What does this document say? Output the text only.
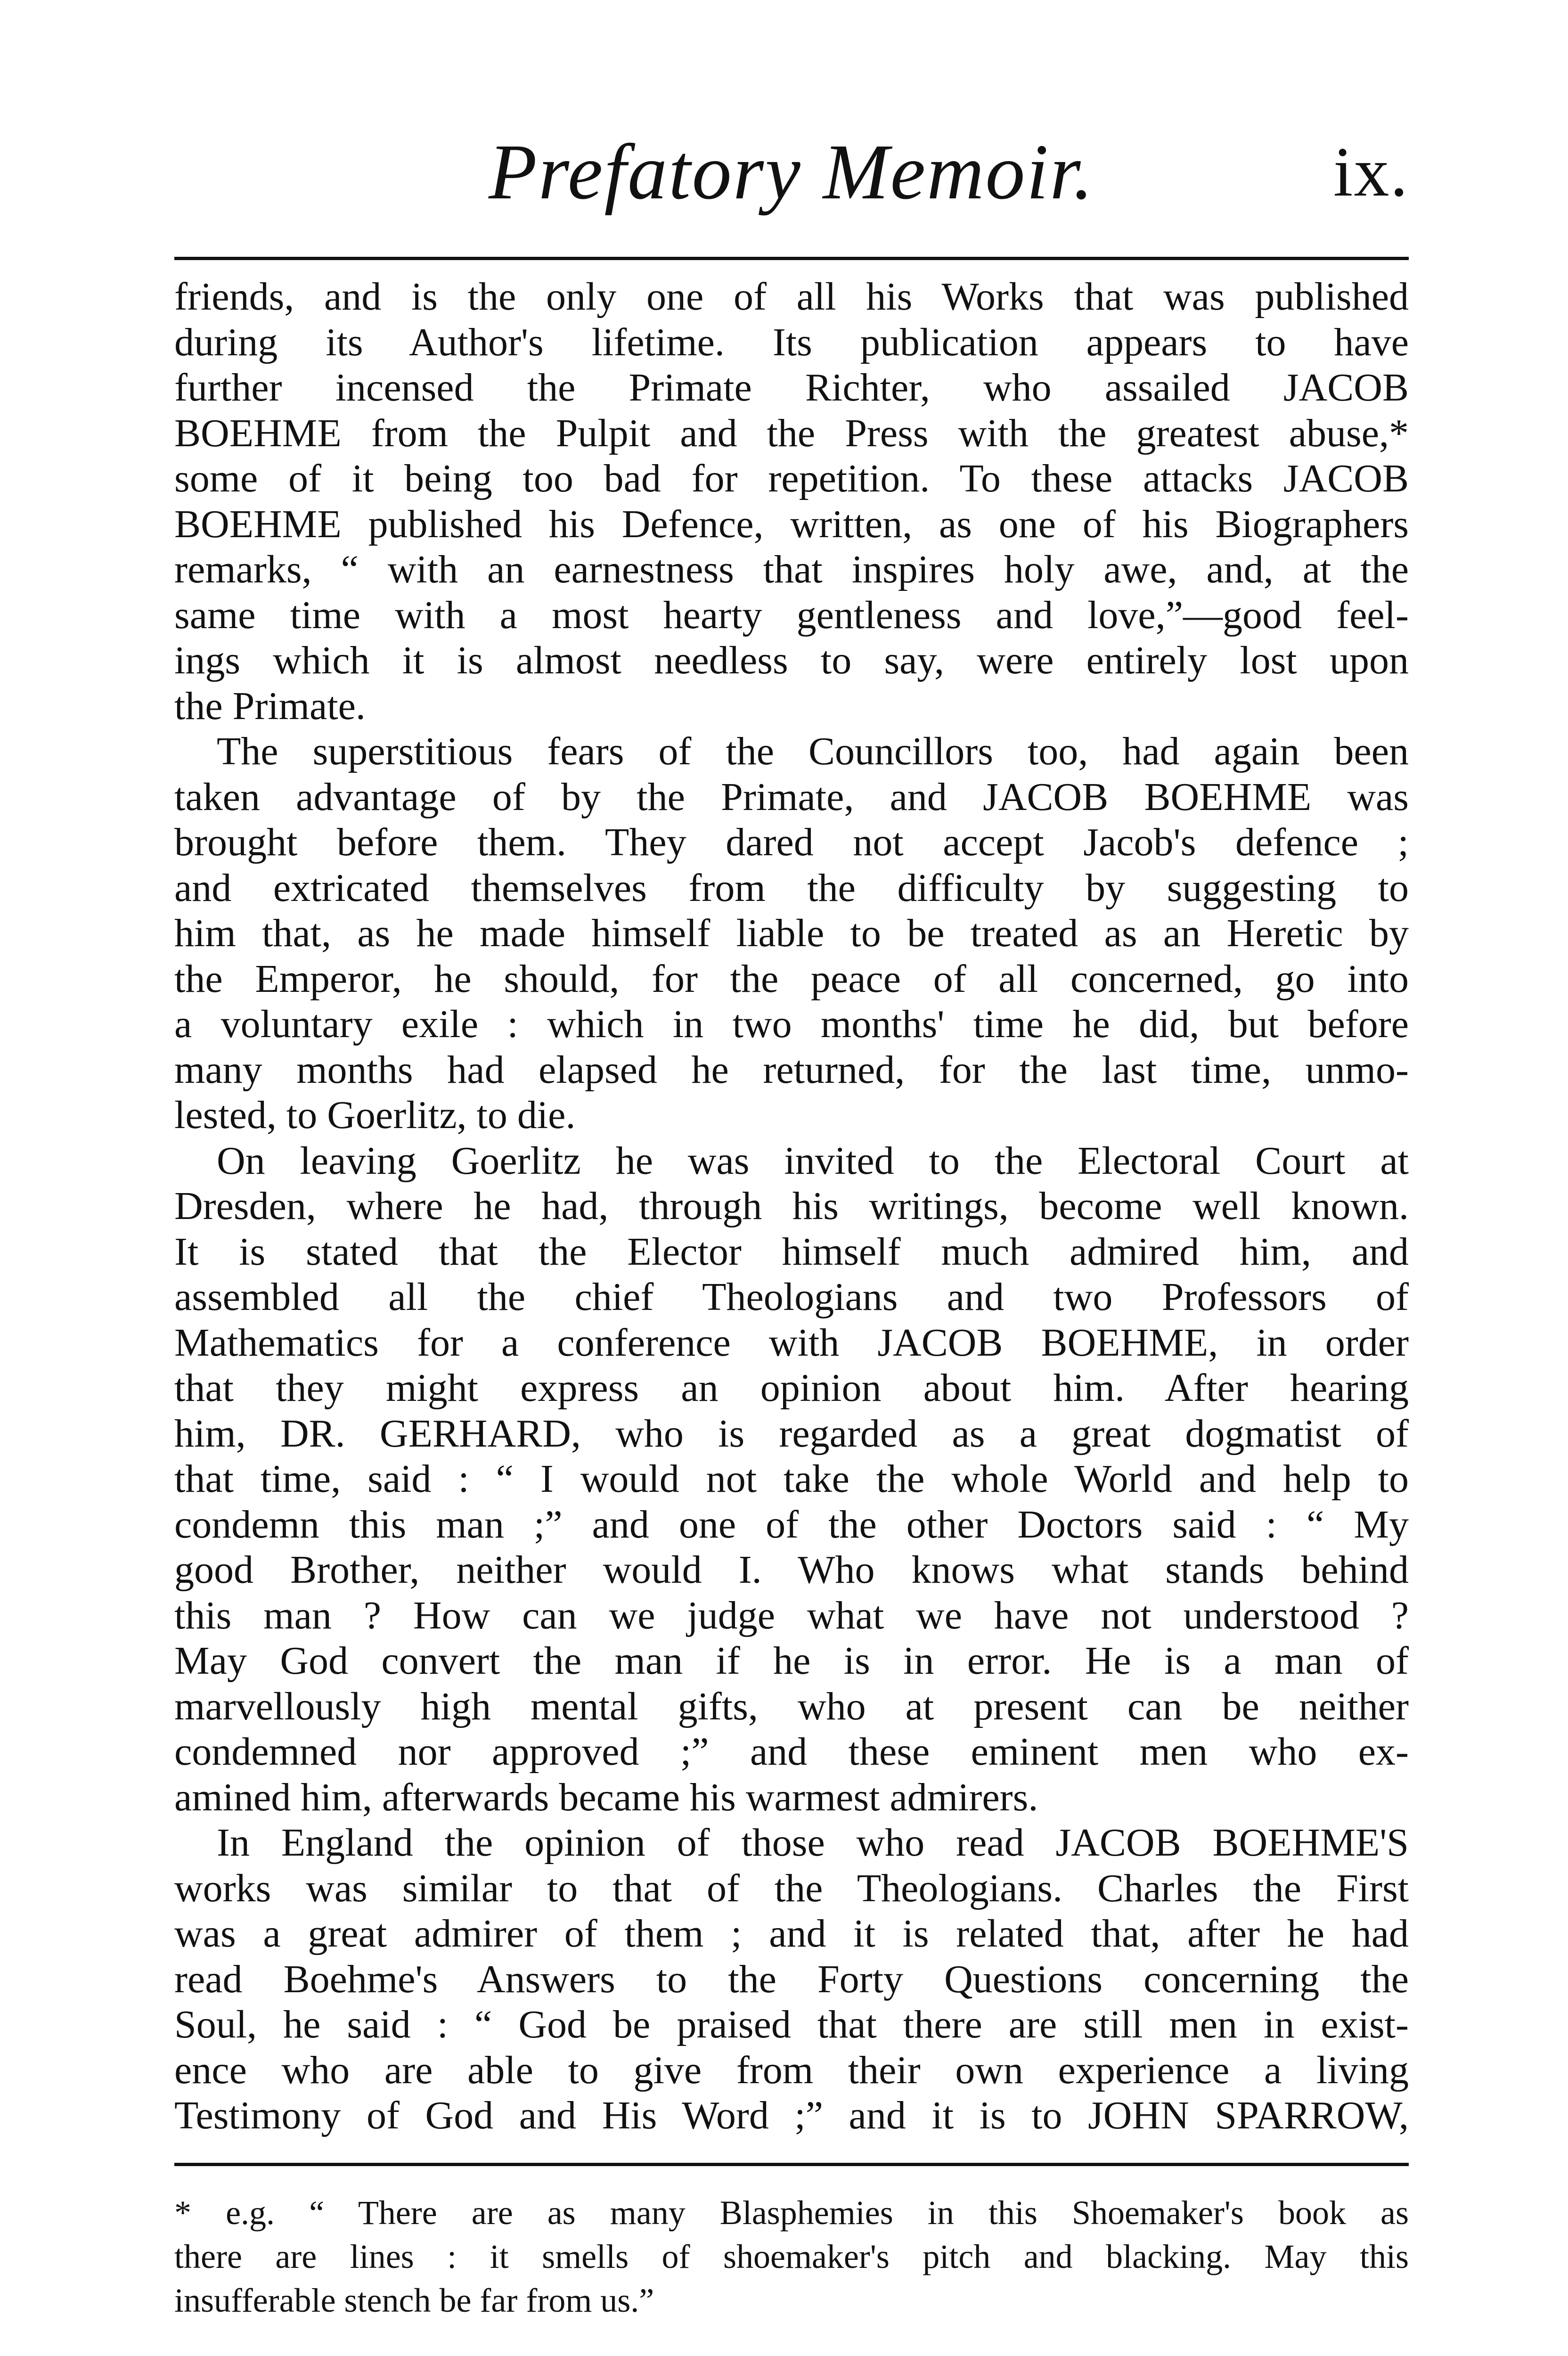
Prefatory Memoir.	ix.
friends, and is the only one of all his Works that was published
during its Author's lifetime. Its publication appears to have
further incensed the Primate Richter, who assailed JACOB
BOEHME from the Pulpit and the Press with the greatest abuse,*
some of it being too bad for repetition. To these attacks JACOB
BOEHME published his Defence, written, as one of his Biographers
remarks, “ with an earnestness that inspires holy awe, and, at the
same time with a most hearty gentleness and love,”—good feel-
ings which it is almost needless to say, were entirely lost upon
the Primate.
The superstitious fears of the Councillors too, had again been
taken advantage of by the Primate, and JACOB BOEHME was
brought before them. They dared not accept Jacob's defence ;
and extricated themselves from the difficulty by suggesting to
him that, as he made himself liable to be treated as an Heretic by
the Emperor, he should, for the peace of all concerned, go into
a voluntary exile : which in two months' time he did, but before
many months had elapsed he returned, for the last time, unmo-
lested, to Goerlitz, to die.
On leaving Goerlitz he was invited to the Electoral Court at
Dresden, where he had, through his writings, become well known.
It is stated that the Elector himself much admired him, and
assembled all the chief Theologians and two Professors of
Mathematics for a conference with JACOB BOEHME, in order
that they might express an opinion about him. After hearing
him, DR. GERHARD, who is regarded as a great dogmatist of
that time, said : “ I would not take the whole World and help to
condemn this man ;” and one of the other Doctors said : “ My
good Brother, neither would I. Who knows what stands behind
this man ? How can we judge what we have not understood ?
May God convert the man if he is in error. He is a man of
marvellously high mental gifts, who at present can be neither
condemned nor approved ;” and these eminent men who ex-
amined him, afterwards became his warmest admirers.
In England the opinion of those who read JACOB BOEHME'S
works was similar to that of the Theologians. Charles the First
was a great admirer of them ; and it is related that, after he had
read Boehme's Answers to the Forty Questions concerning the
Soul, he said : “ God be praised that there are still men in exist-
ence who are able to give from their own experience a living
Testimony of God and His Word ;” and it is to JOHN SPARROW,
* e.g. “ There are as many Blasphemies in this Shoemaker's book as
there are lines : it smells of shoemaker's pitch and blacking. May this
insufferable stench be far from us.”
